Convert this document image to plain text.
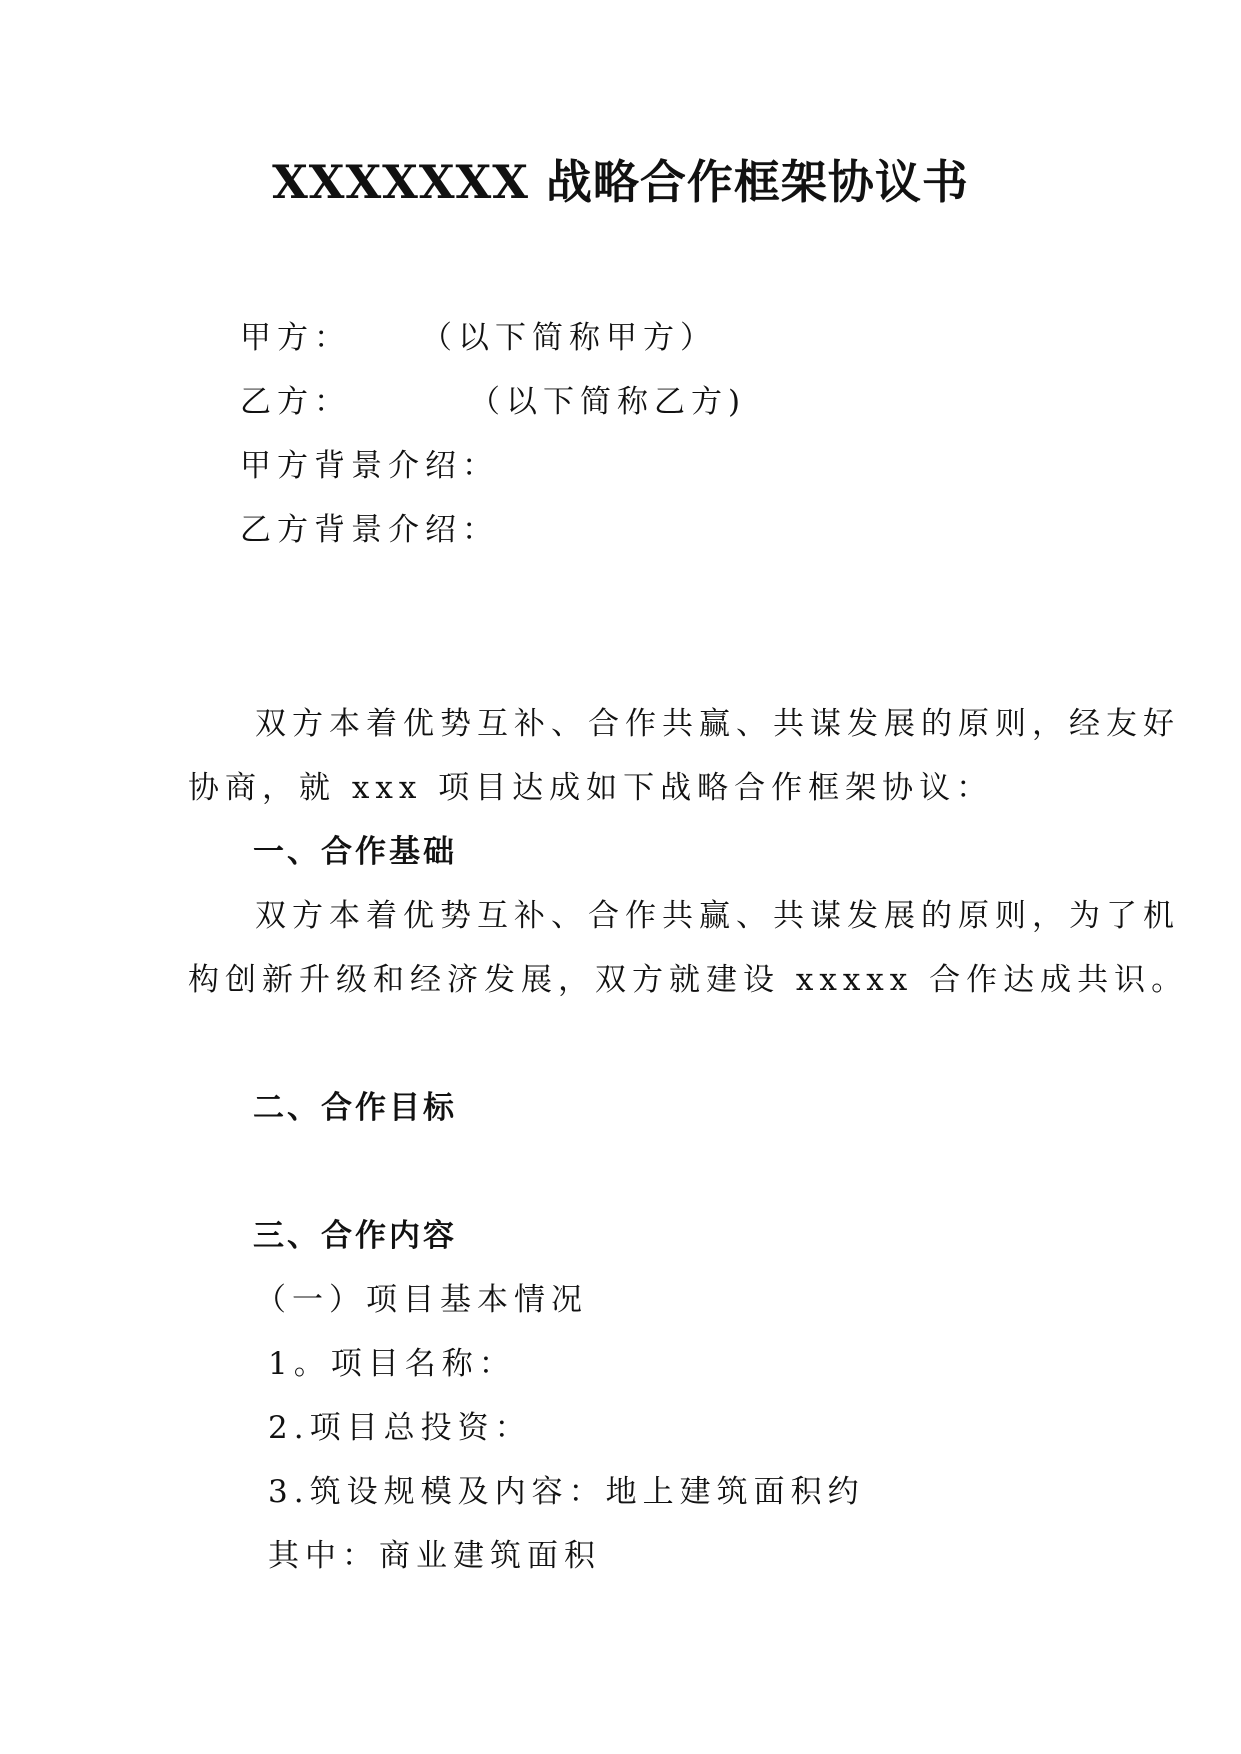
XXXXXXX 战略合作框架协议书
甲方： （以下简称甲方）
乙方：	（以下简称乙方)
甲方背景介绍：
乙方背景介绍：
双方本着优势互补、合作共赢、共谋发展的原则，经友好
协商，就 xxx 项目达成如下战略合作框架协议：
一、合作基础
双方本着优势互补、合作共赢、共谋发展的原则，为了机
构创新升级和经济发展，双方就建设 xxxxx 合作达成共识。
二、合作目标
三、合作内容
（一）项目基本情况
1。项目名称：
2.项目总投资：
3.筑设规模及内容：地上建筑面积约
其中：商业建筑面积
